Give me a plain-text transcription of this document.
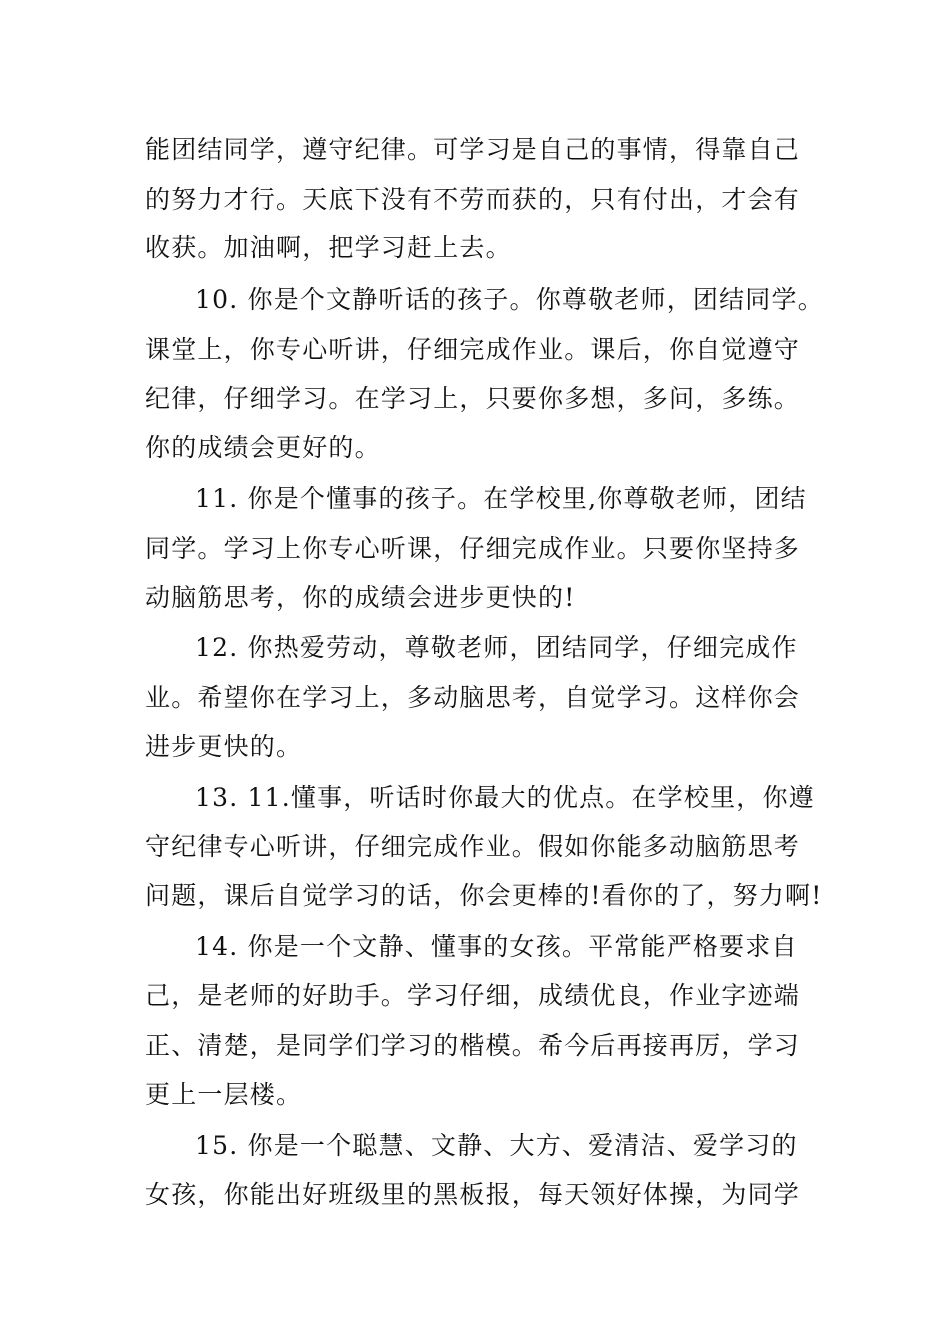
能团结同学，遵守纪律。可学习是自己的事情，得靠自己
的努力才行。天底下没有不劳而获的，只有付出，才会有
收获。加油啊，把学习赶上去。
10. 你是个文静听话的孩子。你尊敬老师，团结同学。
课堂上，你专心听讲，仔细完成作业。课后，你自觉遵守
纪律，仔细学习。在学习上，只要你多想，多问，多练。
你的成绩会更好的。
11. 你是个懂事的孩子。在学校里,你尊敬老师，团结
同学。学习上你专心听课，仔细完成作业。只要你坚持多
动脑筋思考，你的成绩会进步更快的!
12. 你热爱劳动，尊敬老师，团结同学，仔细完成作
业。希望你在学习上，多动脑思考，自觉学习。这样你会
进步更快的。
13. 11.懂事，听话时你最大的优点。在学校里，你遵
守纪律专心听讲，仔细完成作业。假如你能多动脑筋思考
问题，课后自觉学习的话，你会更棒的!看你的了，努力啊!
14. 你是一个文静、懂事的女孩。平常能严格要求自
己，是老师的好助手。学习仔细，成绩优良，作业字迹端
正、清楚，是同学们学习的楷模。希今后再接再厉，学习
更上一层楼。
15. 你是一个聪慧、文静、大方、爱清洁、爱学习的
女孩，你能出好班级里的黑板报，每天领好体操，为同学
